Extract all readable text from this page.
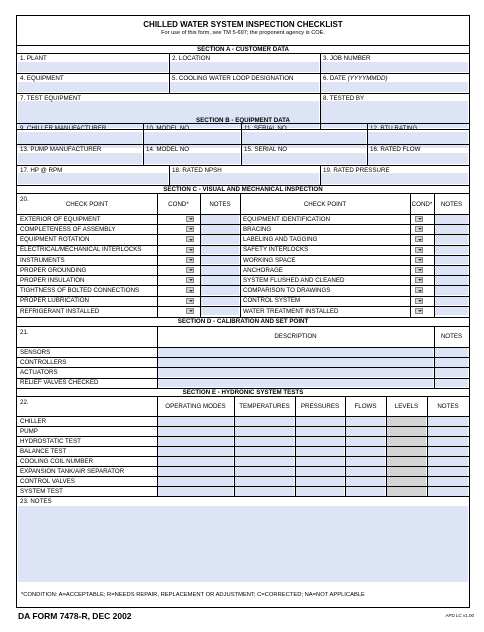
CHILLED WATER SYSTEM INSPECTION CHECKLIST
For use of this form, see TM 5-697; the proponent agency is COE.
SECTION A - CUSTOMER DATA
1. PLANT	2. LOCATION	3. JOB NUMBER
4. EQUIPMENT	5. COOLING WATER LOOP DESIGNATION	6. DATE (YYYYMMDD)
7. TEST EQUIPMENT	8. TESTED BY
SECTION B - EQUIPMENT DATA
9. CHILLER MANUFACTURER	10. MODEL NO	11. SERIAL NO	12. BTU RATING
13. PUMP MANUFACTURER	14. MODEL NO	15. SERIAL NO	16. RATED FLOW
17. HP @ RPM	18. RATED NPSH	19. RATED PRESSURE
SECTION C - VISUAL AND MECHANICAL INSPECTION
20.
CHECK POINT	COND*	NOTES	CHECK POINT	COND*	NOTES
EXTERIOR OF EQUIPMENT	EQUIPMENT IDENTIFICATION
COMPLETENESS OF ASSEMBLY	BRACING
EQUIPMENT ROTATION	LABELING AND TAGGING
ELECTRICAL/MECHANICAL INTERLOCKS	SAFETY INTERLOCKS
INSTRUMENTS	WORKING SPACE
PROPER GROUNDING	ANCHORAGE
PROPER INSULATION	SYSTEM FLUSHED AND CLEANED
TIGHTNESS OF BOLTED CONNECTIONS	COMPARISON TO DRAWINGS
PROPER LUBRICATION	CONTROL SYSTEM
REFRIGERANT INSTALLED	WATER TREATMENT INSTALLED
SECTION D - CALIBRATION AND SET POINT
21.
DESCRIPTION	NOTES
SENSORS
CONTROLLERS
ACTUATORS
RELIEF VALVES CHECKED
SECTION E - HYDRONIC SYSTEM TESTS
22.
OPERATING MODES	TEMPERATURES	PRESSURES	FLOWS	LEVELS	NOTES
CHILLER
PUMP
HYDROSTATIC TEST
BALANCE TEST
COOLING COIL NUMBER
EXPANSION TANK/AIR SEPARATOR
CONTROL VALVES
SYSTEM TEST
23. NOTES
*CONDITION: A=ACCEPTABLE; R=NEEDS REPAIR, REPLACEMENT OR ADJUSTMENT; C=CORRECTED; NA=NOT APPLICABLE
DA FORM 7478-R, DEC 2002	APD LC v1.00
